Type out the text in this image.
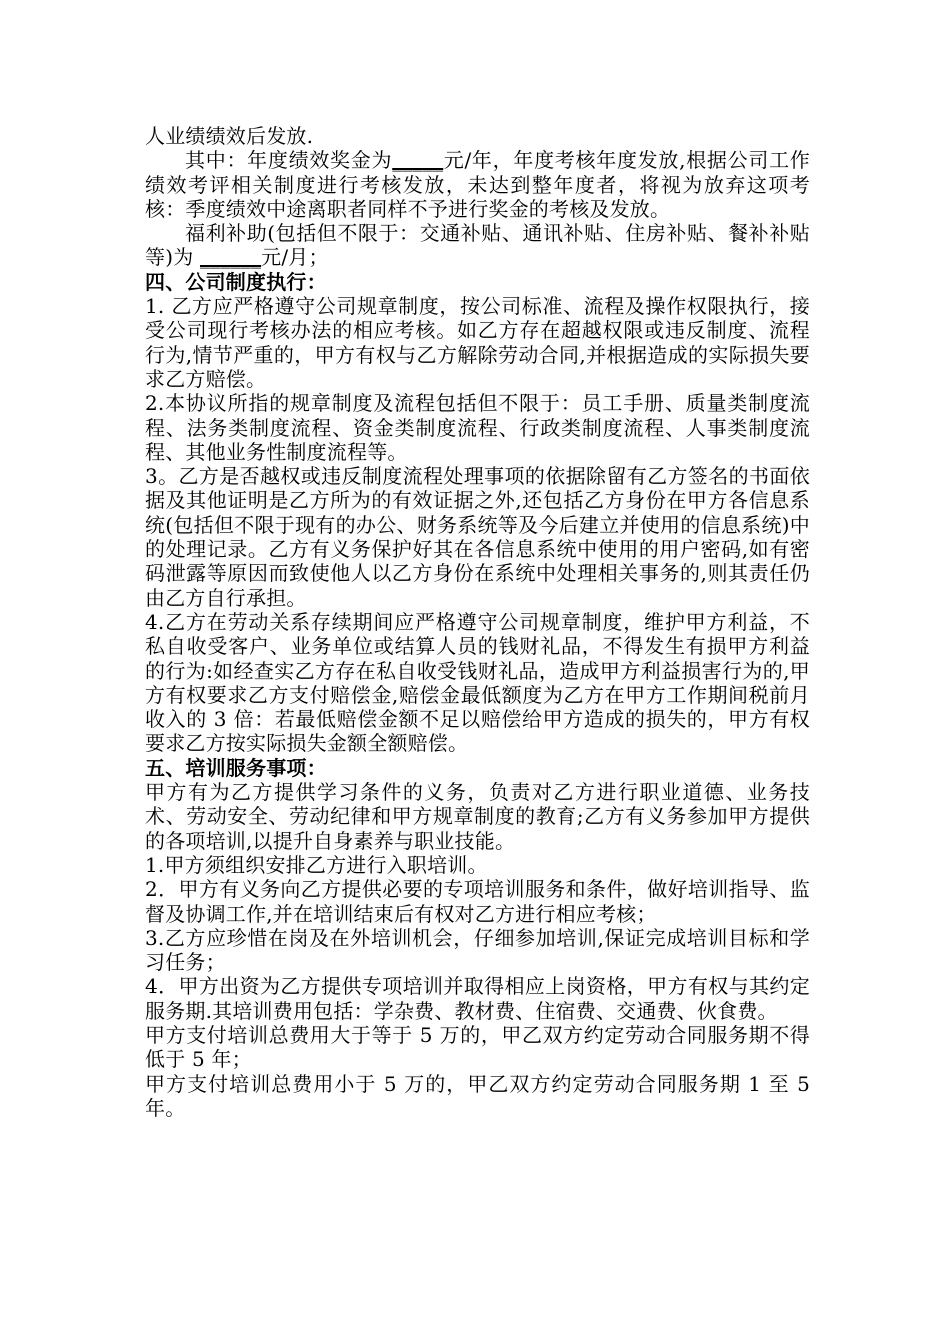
人业绩绩效后发放.

其中：年度绩效奖金为_____元/年，年度考核年度发放,根据公司工作绩效考评相关制度进行考核发放，未达到整年度者，将视为放弃这项考核：季度绩效中途离职者同样不予进行奖金的考核及发放。

福利补助(包括但不限于：交通补贴、通讯补贴、住房补贴、餐补补贴等)为 ______元/月；

四、公司制度执行：

1. 乙方应严格遵守公司规章制度，按公司标准、流程及操作权限执行，接受公司现行考核办法的相应考核。如乙方存在超越权限或违反制度、流程行为,情节严重的，甲方有权与乙方解除劳动合同,并根据造成的实际损失要求乙方赔偿。

2.本协议所指的规章制度及流程包括但不限于：员工手册、质量类制度流程、法务类制度流程、资金类制度流程、行政类制度流程、人事类制度流程、其他业务性制度流程等。

3。乙方是否越权或违反制度流程处理事项的依据除留有乙方签名的书面依据及其他证明是乙方所为的有效证据之外,还包括乙方身份在甲方各信息系统(包括但不限于现有的办公、财务系统等及今后建立并使用的信息系统)中的处理记录。乙方有义务保护好其在各信息系统中使用的用户密码,如有密码泄露等原因而致使他人以乙方身份在系统中处理相关事务的,则其责任仍由乙方自行承担。

4.乙方在劳动关系存续期间应严格遵守公司规章制度，维护甲方利益，不私自收受客户、业务单位或结算人员的钱财礼品，不得发生有损甲方利益的行为:如经查实乙方存在私自收受钱财礼品，造成甲方利益损害行为的,甲方有权要求乙方支付赔偿金,赔偿金最低额度为乙方在甲方工作期间税前月收入的 3 倍：若最低赔偿金额不足以赔偿给甲方造成的损失的，甲方有权要求乙方按实际损失金额全额赔偿。

五、培训服务事项：

甲方有为乙方提供学习条件的义务，负责对乙方进行职业道德、业务技术、劳动安全、劳动纪律和甲方规章制度的教育;乙方有义务参加甲方提供的各项培训,以提升自身素养与职业技能。

1.甲方须组织安排乙方进行入职培训。

2．甲方有义务向乙方提供必要的专项培训服务和条件，做好培训指导、监督及协调工作,并在培训结束后有权对乙方进行相应考核；

3.乙方应珍惜在岗及在外培训机会，仔细参加培训,保证完成培训目标和学习任务；

4．甲方出资为乙方提供专项培训并取得相应上岗资格，甲方有权与其约定服务期.其培训费用包括：学杂费、教材费、住宿费、交通费、伙食费。

甲方支付培训总费用大于等于 5 万的，甲乙双方约定劳动合同服务期不得低于 5 年；

甲方支付培训总费用小于 5 万的，甲乙双方约定劳动合同服务期 1 至 5 年。
